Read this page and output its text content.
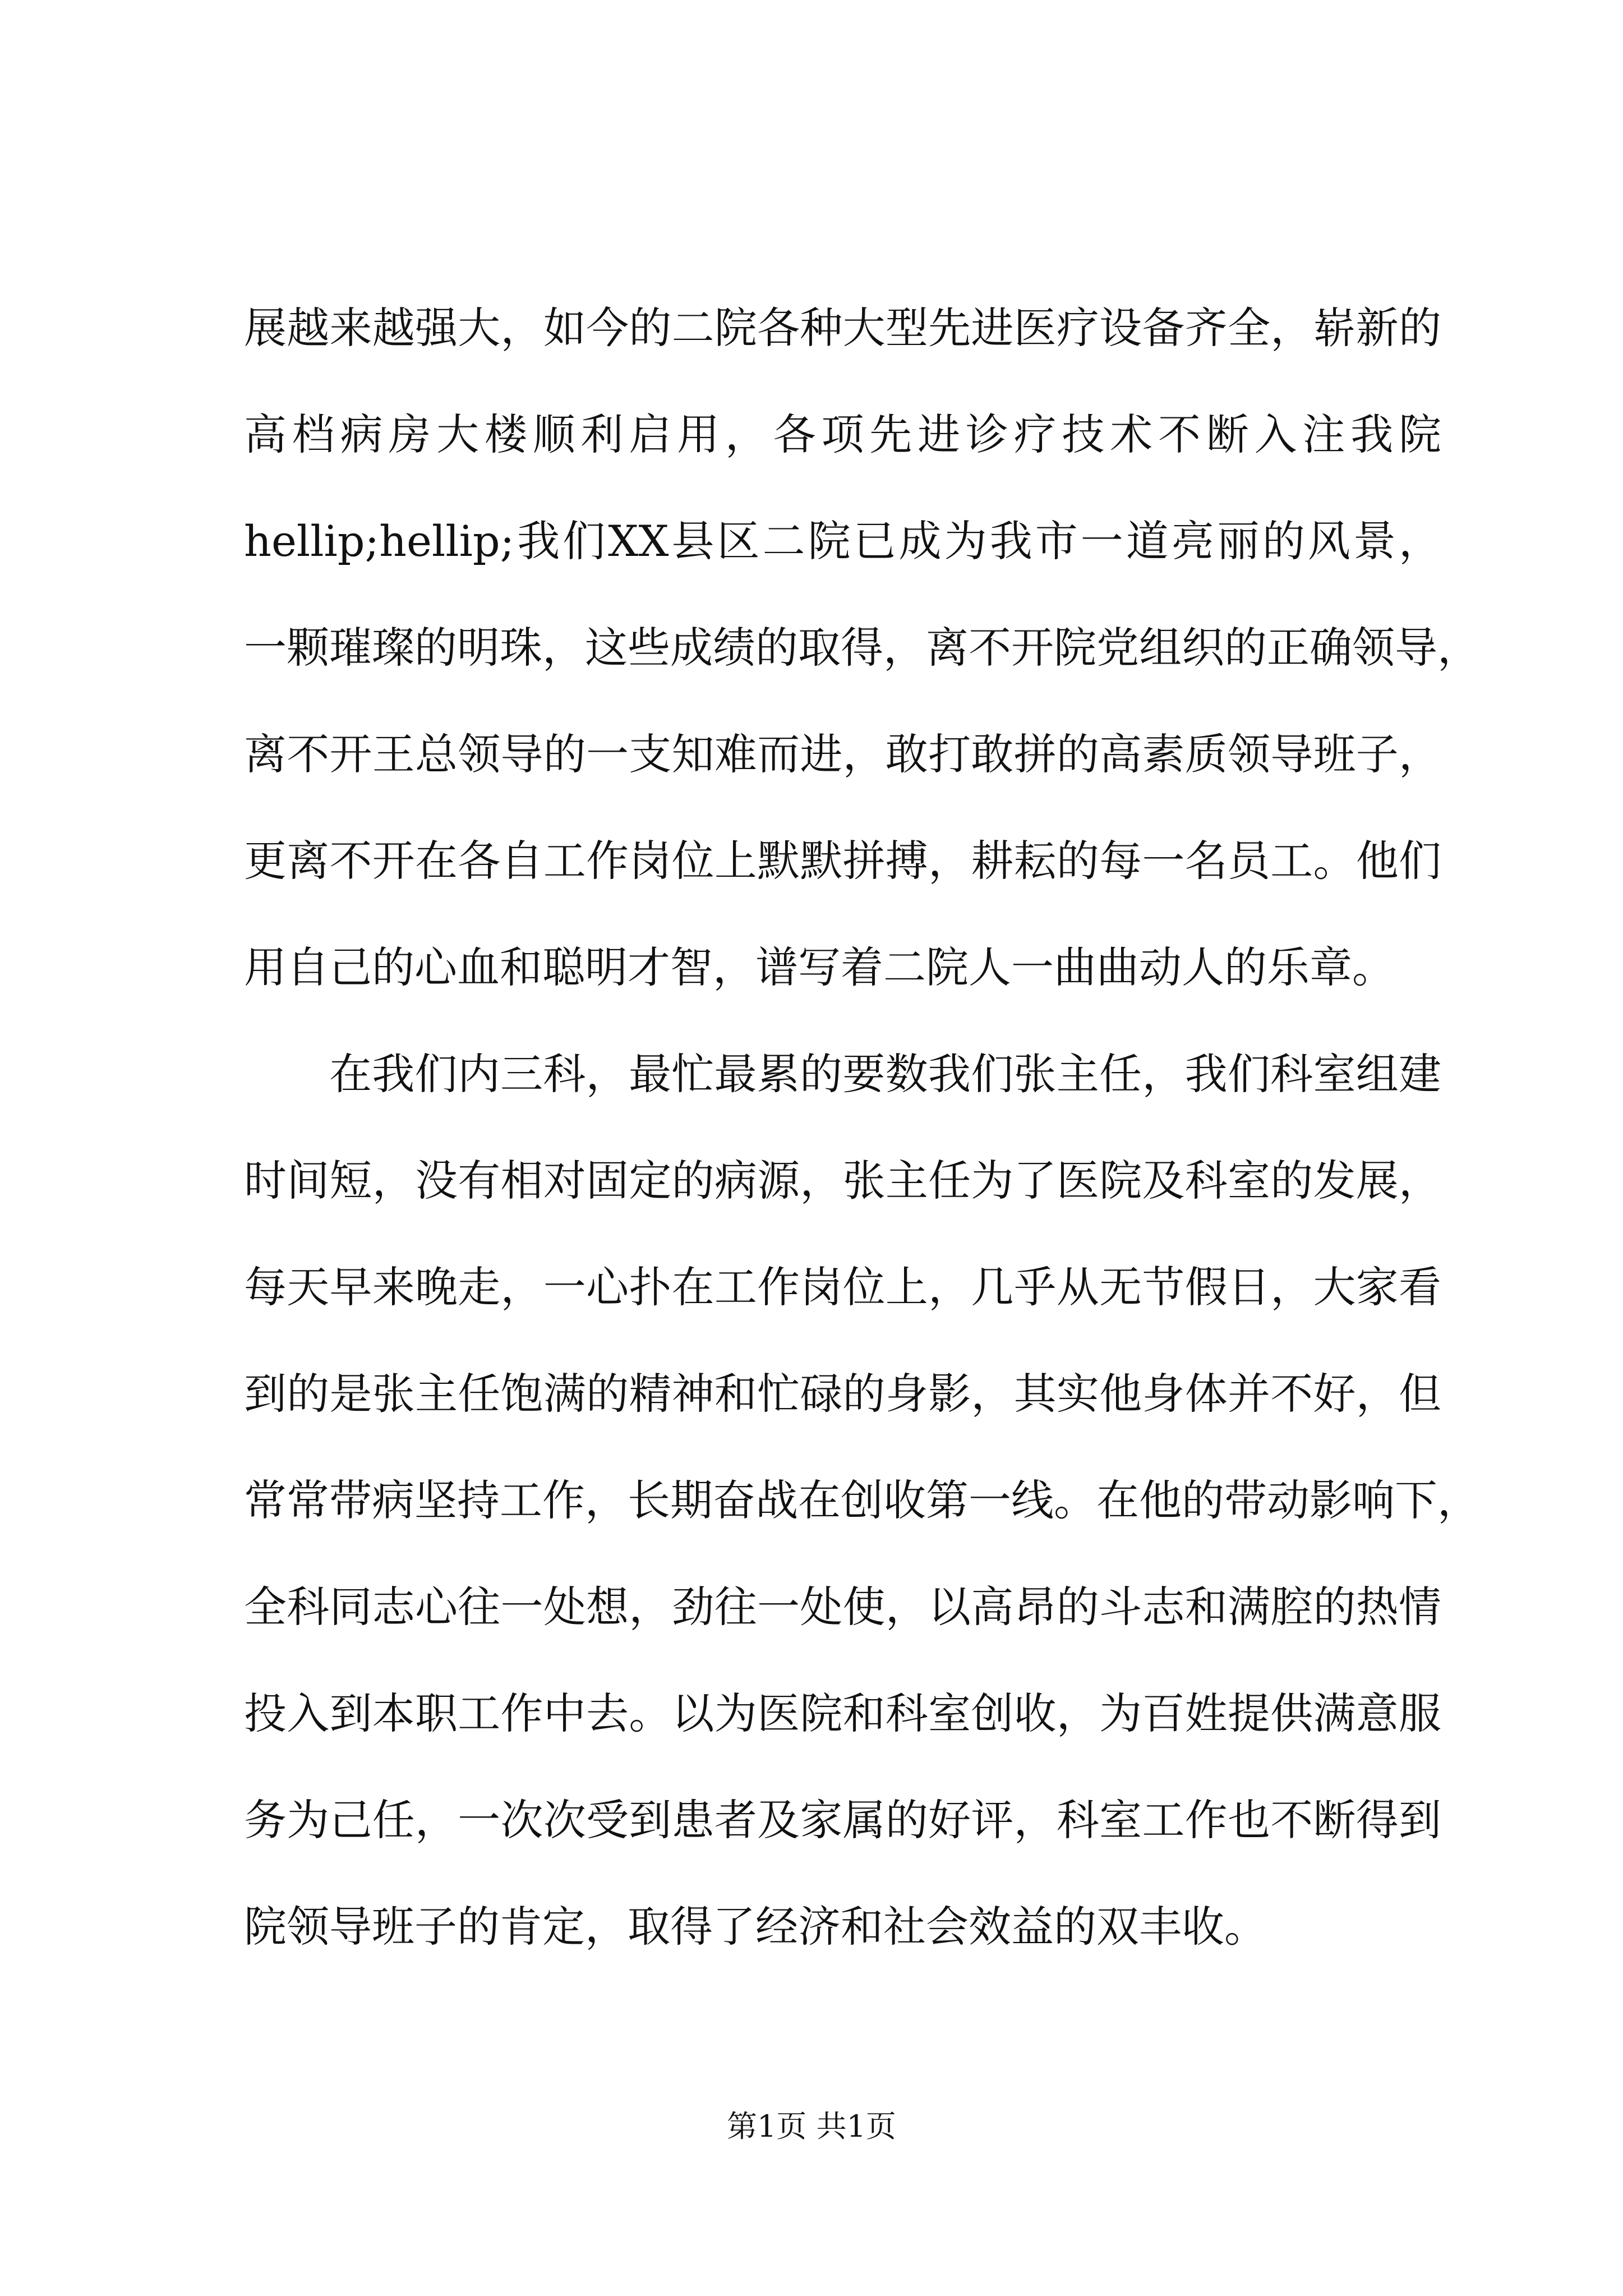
展越来越强大，如今的二院各种大型先进医疗设备齐全，崭新的
高档病房大楼顺利启用，各项先进诊疗技术不断入注我院
hellip;hellip;我们XX县区二院已成为我市一道亮丽的风景，
一颗璀璨的明珠，这些成绩的取得，离不开院党组织的正确领导，
离不开王总领导的一支知难而进，敢打敢拼的高素质领导班子，
更离不开在各自工作岗位上默默拼搏，耕耘的每一名员工。他们
用自己的心血和聪明才智，谱写着二院人一曲曲动人的乐章。
在我们内三科，最忙最累的要数我们张主任，我们科室组建
时间短，没有相对固定的病源，张主任为了医院及科室的发展，
每天早来晚走，一心扑在工作岗位上，几乎从无节假日，大家看
到的是张主任饱满的精神和忙碌的身影，其实他身体并不好，但
常常带病坚持工作，长期奋战在创收第一线。在他的带动影响下，
全科同志心往一处想，劲往一处使，以高昂的斗志和满腔的热情
投入到本职工作中去。以为医院和科室创收，为百姓提供满意服
务为己任，一次次受到患者及家属的好评，科室工作也不断得到
院领导班子的肯定，取得了经济和社会效益的双丰收。
第1页 共1页
